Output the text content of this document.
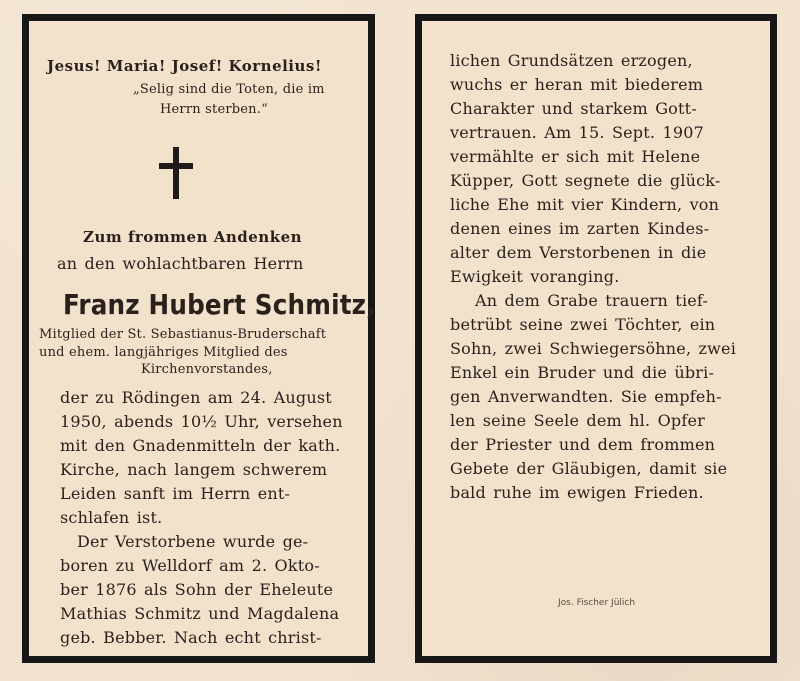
Jesus! Maria! Josef! Kornelius!
„Selig sind die Toten, die im
Herrn sterben.“
Zum frommen Andenken
an den wohlachtbaren Herrn
Franz Hubert Schmitz,
Mitglied der St. Sebastianus-Bruderschaft
und ehem. langjähriges Mitglied des
Kirchenvorstandes,
der zu Rödingen am 24. August
1950, abends 10½ Uhr, versehen
mit den Gnadenmitteln der kath.
Kirche, nach langem schwerem
Leiden sanft im Herrn ent-
schlafen ist.
Der Verstorbene wurde ge-
boren zu Welldorf am 2. Okto-
ber 1876 als Sohn der Eheleute
Mathias Schmitz und Magdalena
geb. Bebber. Nach echt christ-
lichen Grundsätzen erzogen,
wuchs er heran mit biederem
Charakter und starkem Gott-
vertrauen. Am 15. Sept. 1907
vermählte er sich mit Helene
Küpper, Gott segnete die glück-
liche Ehe mit vier Kindern, von
denen eines im zarten Kindes-
alter dem Verstorbenen in die
Ewigkeit voranging.
An dem Grabe trauern tief-
betrübt seine zwei Töchter, ein
Sohn, zwei Schwiegersöhne, zwei
Enkel ein Bruder und die übri-
gen Anverwandten. Sie empfeh-
len seine Seele dem hl. Opfer
der Priester und dem frommen
Gebete der Gläubigen, damit sie
bald ruhe im ewigen Frieden.
Jos. Fischer Jülich
